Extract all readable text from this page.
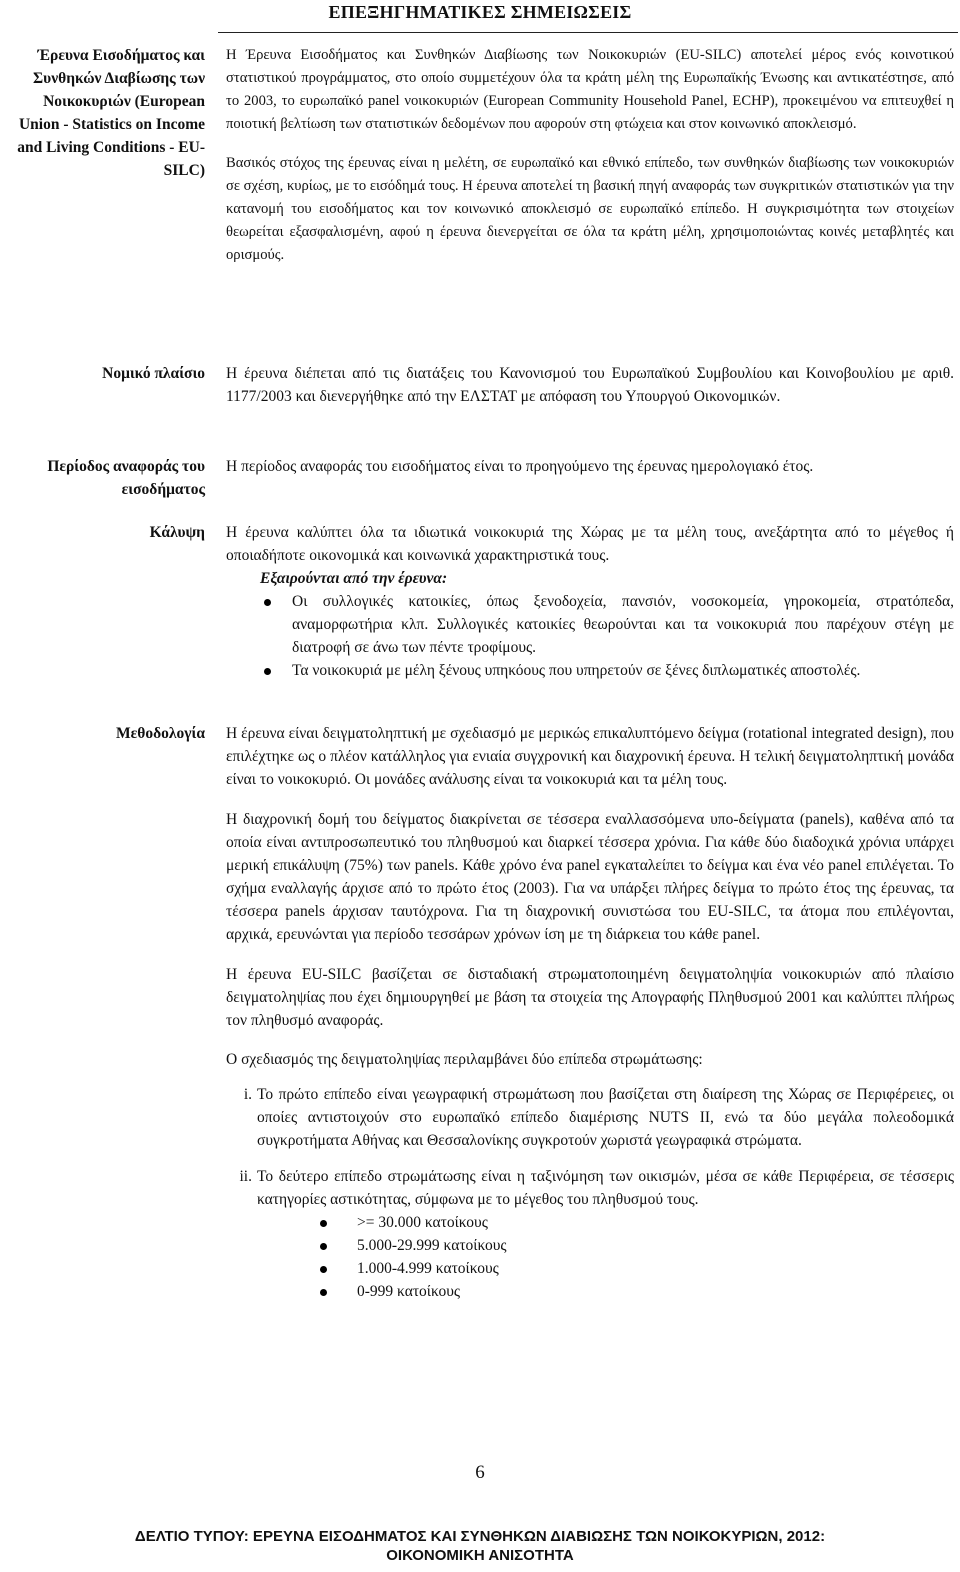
ΕΠΕΞΗΓΗΜΑΤΙΚΕΣ ΣΗΜΕΙΩΣΕΙΣ
Έρευνα Εισοδήματος και Συνθηκών Διαβίωσης των Νοικοκυριών (European Union - Statistics on Income and Living Conditions - EU-SILC)

Η Έρευνα Εισοδήματος και Συνθηκών Διαβίωσης των Νοικοκυριών (EU-SILC) αποτελεί μέρος ενός κοινοτικού στατιστικού προγράμματος, στο οποίο συμμετέχουν όλα τα κράτη μέλη της Ευρωπαϊκής Ένωσης και αντικατέστησε, από το 2003, το ευρωπαϊκό panel νοικοκυριών (European Community Household Panel, ECHP), προκειμένου να επιτευχθεί η ποιοτική βελτίωση των στατιστικών δεδομένων που αφορούν στη φτώχεια και στον κοινωνικό αποκλεισμό.

Βασικός στόχος της έρευνας είναι η μελέτη, σε ευρωπαϊκό και εθνικό επίπεδο, των συνθηκών διαβίωσης των νοικοκυριών σε σχέση, κυρίως, με το εισόδημά τους. Η έρευνα αποτελεί τη βασική πηγή αναφοράς των συγκριτικών στατιστικών για την κατανομή του εισοδήματος και τον κοινωνικό αποκλεισμό σε ευρωπαϊκό επίπεδο. Η συγκρισιμότητα των στοιχείων θεωρείται εξασφαλισμένη, αφού η έρευνα διενεργείται σε όλα τα κράτη μέλη, χρησιμοποιώντας κοινές μεταβλητές και ορισμούς.

Νομικό πλαίσιο Η έρευνα διέπεται από τις διατάξεις του Κανονισμού του Ευρωπαϊκού Συμβουλίου και Κοινοβουλίου με αριθ. 1177/2003 και διενεργήθηκε από την ΕΛΣΤΑΤ με απόφαση του Υπουργού Οικονομικών.

Περίοδος αναφοράς του εισοδήματος

Η περίοδος αναφοράς του εισοδήματος είναι το προηγούμενο της έρευνας ημερολογιακό έτος.

Κάλυψη Η έρευνα καλύπτει όλα τα ιδιωτικά νοικοκυριά της Χώρας με τα μέλη τους, ανεξάρτητα από το μέγεθος ή οποιαδήποτε οικονομικά και κοινωνικά χαρακτηριστικά τους.

Εξαιρούνται από την έρευνα:
Οι συλλογικές κατοικίες, όπως ξενοδοχεία, πανσιόν, νοσοκομεία, γηροκομεία, στρατόπεδα, αναμορφωτήρια κλπ. Συλλογικές κατοικίες θεωρούνται και τα νοικοκυριά που παρέχουν στέγη με διατροφή σε άνω των πέντε τροφίμους.
Τα νοικοκυριά με μέλη ξένους υπηκόους που υπηρετούν σε ξένες διπλωματικές αποστολές.
Μεθοδολογία Η έρευνα είναι δειγματοληπτική με σχεδιασμό με μερικώς επικαλυπτόμενο δείγμα (rotational integrated design), που επιλέχτηκε ως ο πλέον κατάλληλος για ενιαία συγχρονική και διαχρονική έρευνα. Η τελική δειγματοληπτική μονάδα είναι το νοικοκυριό. Οι μονάδες ανάλυσης είναι τα νοικοκυριά και τα μέλη τους.

Η διαχρονική δομή του δείγματος διακρίνεται σε τέσσερα εναλλασσόμενα υπο-δείγματα (panels), καθένα από τα οποία είναι αντιπροσωπευτικό του πληθυσμού και διαρκεί τέσσερα χρόνια. Για κάθε δύο διαδοχικά χρόνια υπάρχει μερική επικάλυψη (75%) των panels. Κάθε χρόνο ένα panel εγκαταλείπει το δείγμα και ένα νέο panel επιλέγεται. Το σχήμα εναλλαγής άρχισε από το πρώτο έτος (2003). Για να υπάρξει πλήρες δείγμα το πρώτο έτος της έρευνας, τα τέσσερα panels άρχισαν ταυτόχρονα. Για τη διαχρονική συνιστώσα του EU-SILC, τα άτομα που επιλέγονται, αρχικά, ερευνώνται για περίοδο τεσσάρων χρόνων ίση με τη διάρκεια του κάθε panel.

Η έρευνα EU-SILC βασίζεται σε δισταδιακή στρωματοποιημένη δειγματοληψία νοικοκυριών από πλαίσιο δειγματοληψίας που έχει δημιουργηθεί με βάση τα στοιχεία της Απογραφής Πληθυσμού 2001 και καλύπτει πλήρως τον πληθυσμό αναφοράς.

Ο σχεδιασμός της δειγματοληψίας περιλαμβάνει δύο επίπεδα στρωμάτωσης:

i. Το πρώτο επίπεδο είναι γεωγραφική στρωμάτωση που βασίζεται στη διαίρεση της Χώρας σε Περιφέρειες, οι οποίες αντιστοιχούν στο ευρωπαϊκό επίπεδο διαμέρισης NUTS II, ενώ τα δύο μεγάλα πολεοδομικά συγκροτήματα Αθήνας και Θεσσαλονίκης συγκροτούν χωριστά γεωγραφικά στρώματα.
ii. Το δεύτερο επίπεδο στρωμάτωσης είναι η ταξινόμηση των οικισμών, μέσα σε κάθε Περιφέρεια, σε τέσσερις κατηγορίες αστικότητας, σύμφωνα με το μέγεθος του πληθυσμού τους.
>= 30.000 κατοίκους
5.000-29.999 κατοίκους
1.000-4.999 κατοίκους
0-999 κατοίκους
6
ΔΕΛΤΙΟ ΤΥΠΟΥ: ΕΡΕΥΝΑ ΕΙΣΟΔΗΜΑΤΟΣ ΚΑΙ ΣΥΝΘΗΚΩΝ ΔΙΑΒΙΩΣΗΣ ΤΩΝ ΝΟΙΚΟΚΥΡΙΩΝ, 2012:
ΟΙΚΟΝΟΜΙΚΗ ΑΝΙΣΟΤΗΤΑ
